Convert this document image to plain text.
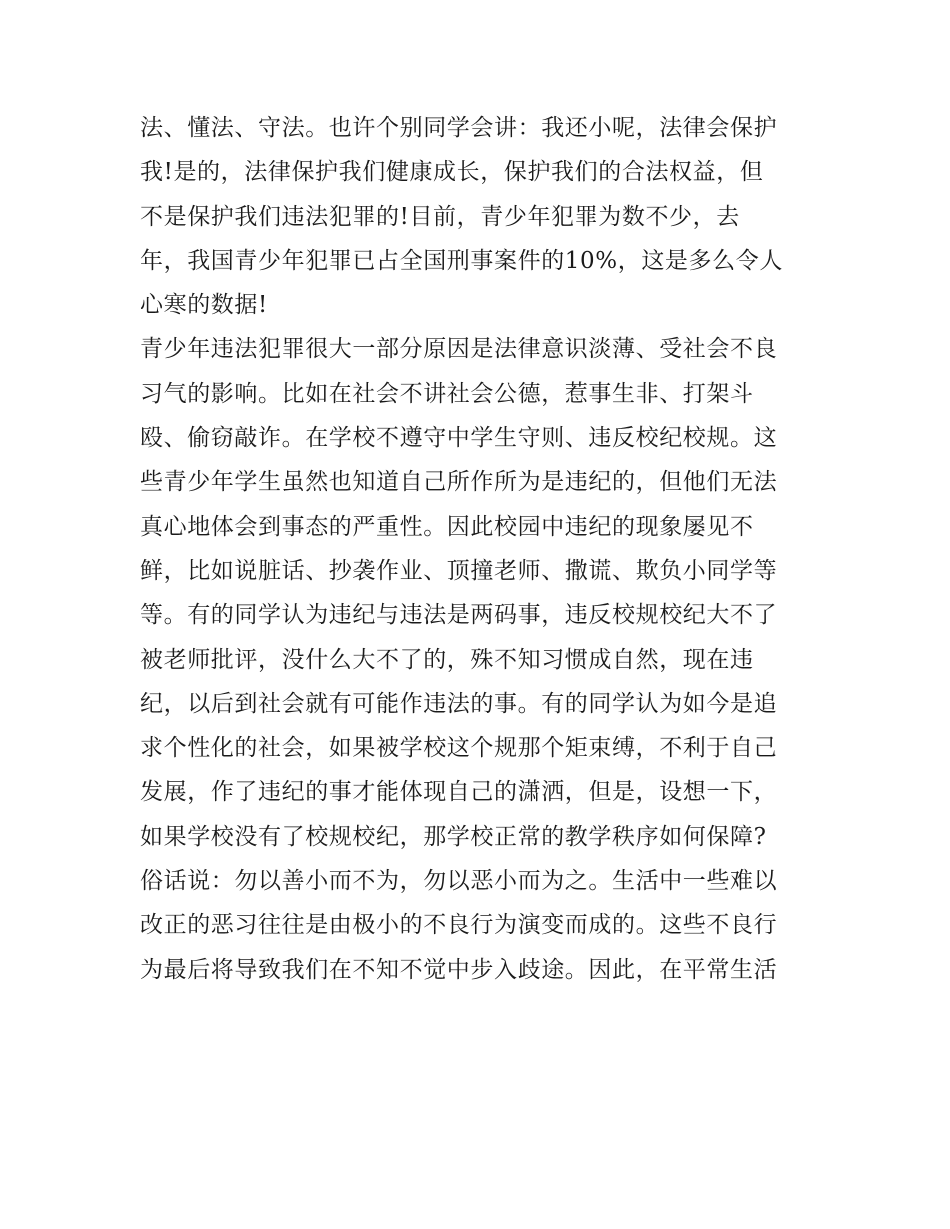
法、懂法、守法。也许个别同学会讲：我还小呢，法律会保护
我!是的，法律保护我们健康成长，保护我们的合法权益，但
不是保护我们违法犯罪的!目前，青少年犯罪为数不少，去
年，我国青少年犯罪已占全国刑事案件的10%，这是多么令人
心寒的数据!
青少年违法犯罪很大一部分原因是法律意识淡薄、受社会不良
习气的影响。比如在社会不讲社会公德，惹事生非、打架斗
殴、偷窃敲诈。在学校不遵守中学生守则、违反校纪校规。这
些青少年学生虽然也知道自己所作所为是违纪的，但他们无法
真心地体会到事态的严重性。因此校园中违纪的现象屡见不
鲜，比如说脏话、抄袭作业、顶撞老师、撒谎、欺负小同学等
等。有的同学认为违纪与违法是两码事，违反校规校纪大不了
被老师批评，没什么大不了的，殊不知习惯成自然，现在违
纪，以后到社会就有可能作违法的事。有的同学认为如今是追
求个性化的社会，如果被学校这个规那个矩束缚，不利于自己
发展，作了违纪的事才能体现自己的潇洒，但是，设想一下，
如果学校没有了校规校纪，那学校正常的教学秩序如何保障?
俗话说：勿以善小而不为，勿以恶小而为之。生活中一些难以
改正的恶习往往是由极小的不良行为演变而成的。这些不良行
为最后将导致我们在不知不觉中步入歧途。因此，在平常生活
